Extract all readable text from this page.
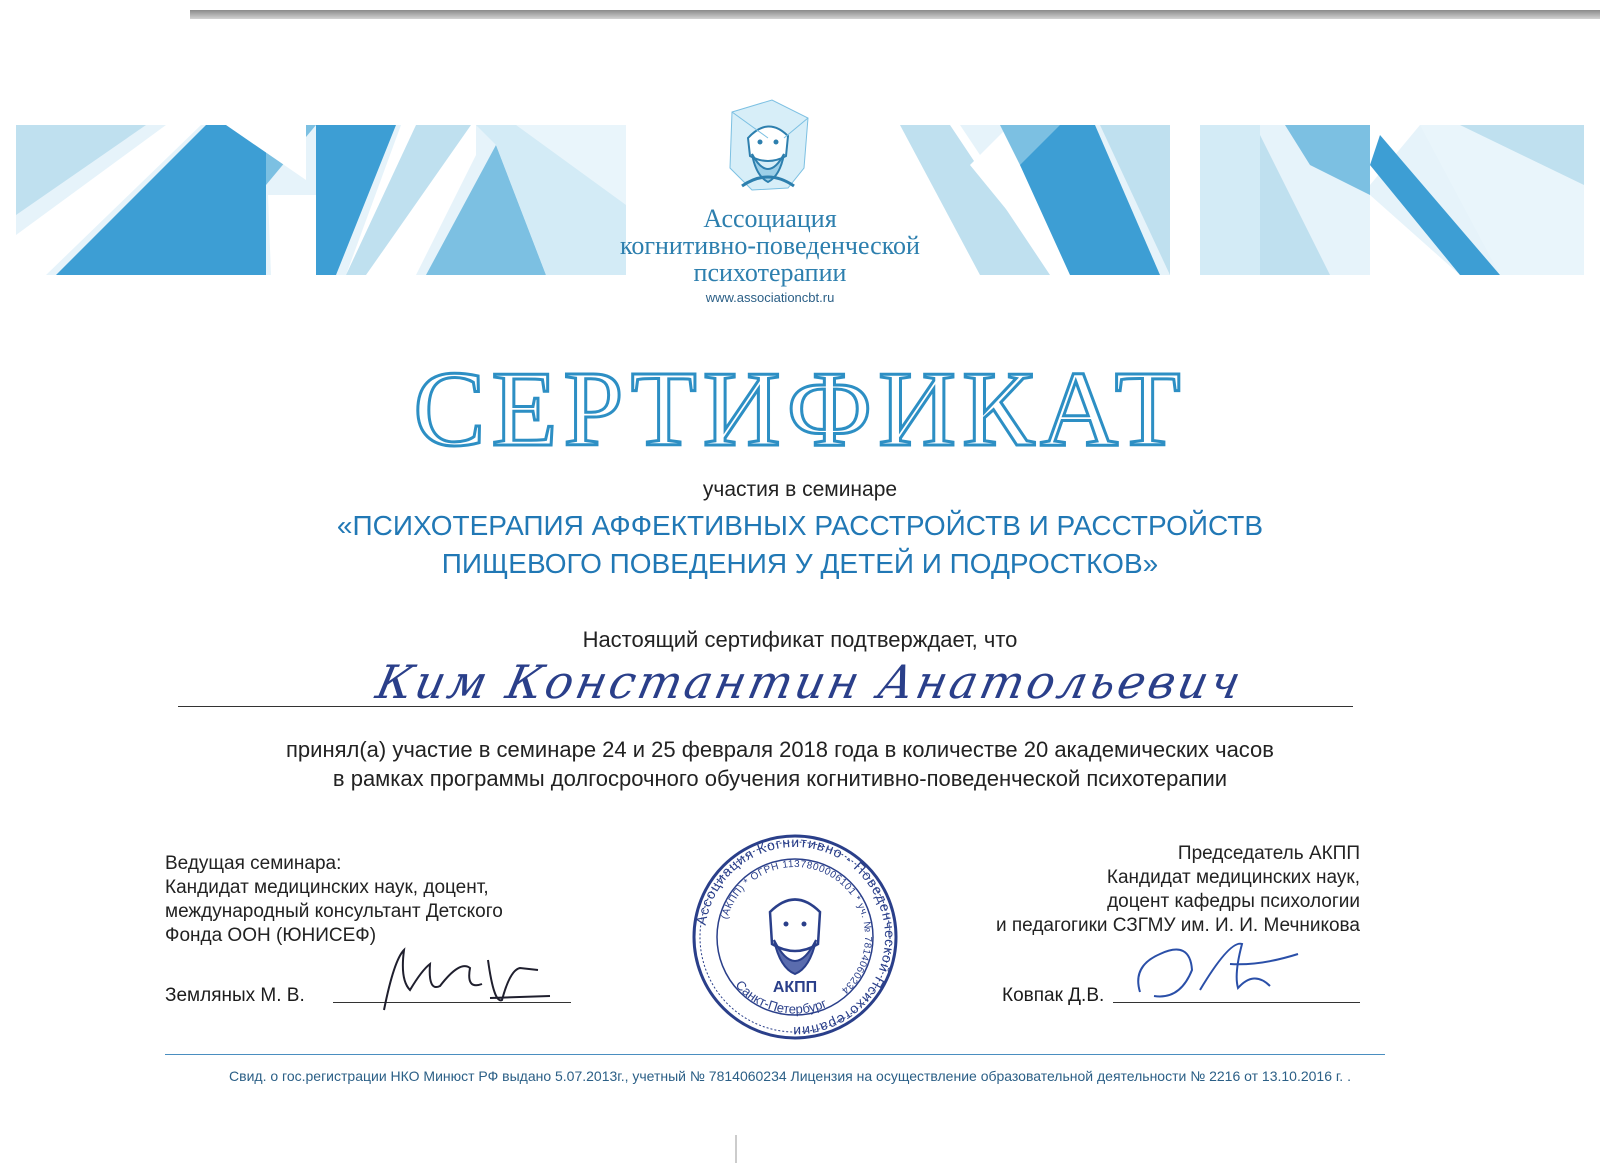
Ассоциация
когнитивно-поведенческой
психотерапии
www.associationcbt.ru
СЕРТИФИКАТ
участия в семинаре
«ПСИХОТЕРАПИЯ АФФЕКТИВНЫХ РАССТРОЙСТВ И РАССТРОЙСТВ
ПИЩЕВОГО ПОВЕДЕНИЯ У ДЕТЕЙ И ПОДРОСТКОВ»
Настоящий сертификат подтверждает, что
Ким Константин Анатольевич
принял(а) участие в семинаре 24 и 25 февраля 2018 года в количестве 20 академических часов
в рамках программы долгосрочного обучения когнитивно-поведенческой психотерапии
Ведущая семинара:
Кандидат медицинских наук, доцент,
международный консультант Детского
Фонда ООН (ЮНИСЕФ)
Земляных М. В.
Председатель АКПП
Кандидат медицинских наук,
доцент кафедры психологии
и педагогики СЗГМУ им. И. И. Мечникова
Ковпак Д.В.
Ассоциация Когнитивно - Поведенческой Психотерапии
(АКПП) * ОГРН 1137800006101 * уч. № 7814060234
АКПП
Санкт-Петербург
Свид. о гос.регистрации НКО Минюст РФ выдано 5.07.2013г., учетный № 7814060234 Лицензия на осуществление образовательной деятельности № 2216 от 13.10.2016 г. .
